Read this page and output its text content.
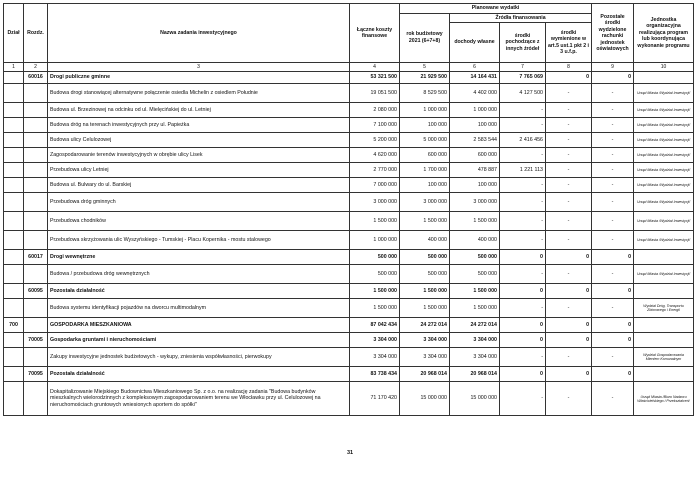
Dział	Rozdz.	Nazwa zadania inwestycyjnego	Łączne koszty finansowe	Planowane wydatki				Pozostałe środki wydzielone rachunki jednostek oświatowych	Jednostka organizacyjna realizująca program lub koordynująca wykonanie programu
				rok budżetowy 2021 (6+7+8)	Źródła finansowania				
					dochody własne	środki pochodzące z innych źródeł	środki wymienione w art.5 ust.1 pkt 2 i 3 u.f.p.		
1	2	3	4	5	6	7	8	9	10
	60016	Drogi publiczne gminne	53 321 500	21 929 500	14 164 431	7 765 069	0	0	
		Budowa drogi stanowiącej alternatywne połączenie osiedla Michelin z osiedlem Południe	19 051 500	8 529 500	4 402 000	4 127 500	-	-	Urząd Miasta /Wydział Inwestycji/
		Budowa ul. Brzezinowej na odcinku od ul. Mielęcińskiej do ul. Letniej	2 080 000	1 000 000	1 000 000	-	-	-	Urząd Miasta /Wydział Inwestycji/
		Budowa dróg na terenach inwestycyjnych przy ul. Papieżka	7 100 000	100 000	100 000	-	-	-	Urząd Miasta /Wydział Inwestycji/
		Budowa ulicy Celulozowej	5 200 000	5 000 000	2 583 544	2 416 456	-	-	Urząd Miasta /Wydział Inwestycji/
		Zagospodarowanie terenów inwestycyjnych w obrębie ulicy Lisek	4 620 000	600 000	600 000	-	-	-	Urząd Miasta /Wydział Inwestycji/
		Przebudowa ulicy Letniej	2 770 000	1 700 000	478 887	1 221 113	-	-	Urząd Miasta /Wydział Inwestycji/
		Budowa ul. Bulwary do ul. Barskiej	7 000 000	100 000	100 000	-	-	-	Urząd Miasta /Wydział Inwestycji/
		Przebudowa dróg gminnych	3 000 000	3 000 000	3 000 000	-	-	-	Urząd Miasta /Wydział Inwestycji/
		Przebudowa chodników	1 500 000	1 500 000	1 500 000	-	-	-	Urząd Miasta /Wydział Inwestycji/
		Przebudowa skrzyżowania ulic Wyszyńskiego - Tumskiej - Placu Kopernika - mostu stalowego	1 000 000	400 000	400 000	-	-	-	Urząd Miasta /Wydział Inwestycji/
	60017	Drogi wewnętrzne	500 000	500 000	500 000	0	0	0	
		Budowa / przebudowa dróg wewnętrznych	500 000	500 000	500 000	-	-	-	Urząd Miasta /Wydział Inwestycji/
	60095	Pozostała działalność	1 500 000	1 500 000	1 500 000	0	0	0	
		Budowa systemu identyfikacji pojazdów na dworcu multimodalnym	1 500 000	1 500 000	1 500 000	-	-	-	Wydział Dróg, Transportu Zbiorowego i Energii
700		GOSPODARKA MIESZKANIOWA	87 042 434	24 272 014	24 272 014	0	0	0	
	70005	Gospodarka gruntami i nieruchomościami	3 304 000	3 304 000	3 304 000	0	0	0	
		Zakupy inwestycyjne jednostek budżetowych - wykupy, zniesienia współwłasności, pierwokupy	3 304 000	3 304 000	3 304 000	-	-	-	Wydział Gospodarowania Mieniem Komunalnym
	70095	Pozostała działalność	83 738 434	20 968 014	20 968 014	0	0	0	
		Dokapitalizowanie Miejskiego Budownictwa Mieszkaniowego Sp. z o.o. na realizację zadania "Budowa budynków mieszkalnych wielorodzinnych z kompleksowym zagospodarowaniem terenu we Włocławku przy ul. Celulozowej na nieruchomościach gruntowych wniesionych aportem do spółki"	71 170 420	15 000 000	15 000 000	-	-	-	Urząd Miasta /Biuro Nadzoru Właścicielskiego i Przekształceń/
31
